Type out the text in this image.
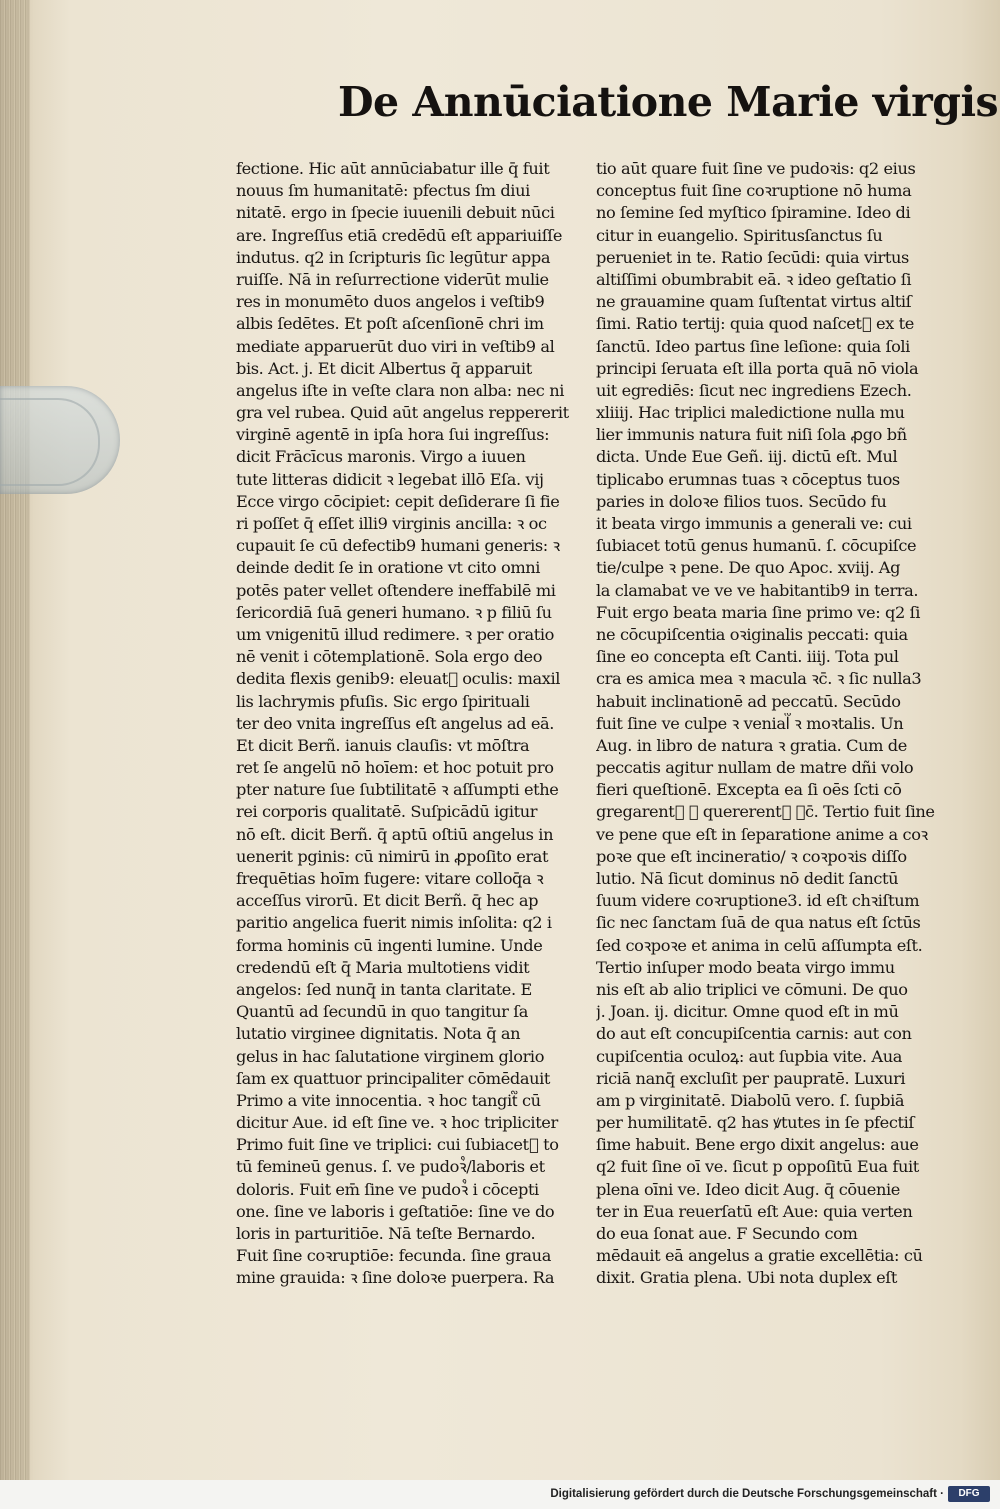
De Annūciatione Marie virgis
fectione. Hic aūt annūciabatur ille q̄ fuit
nouus ſm humanitatē: pfectus ſm diui
nitatē. ergo in ſpecie iuuenili debuit nūci
are. Ingreſſus etiā credēdū eſt appariuiſſe
indutus. q2 in ſcripturis ſic legūtur appa
ruiſſe. Nā in reſurrectione viderūt mulie
res in monumēto duos angelos i veſtib9
albis ſedētes. Et poſt aſcenſionē chri im
mediate apparuerūt duo viri in veſtib9 al
bis. Act. j. Et dicit Albertus q̄ apparuit
angelus iſte in veſte clara non alba: nec ni
gra vel rubea. Quid aūt angelus reppererit
virginē agentē in ipſa hora ſui ingreſſus:
dicit Frācīcus maronis. Virgo a iuuen
tute litteras didicit ꝛ legebat illō Eſa. vij
Ecce virgo cōcipiet: cepit deſiderare ſi fie
ri poſſet q̄ eſſet illi9 virginis ancilla: ꝛ oc
cupauit ſe cū defectib9 humani generis: ꝛ
deinde dedit ſe in oratione vt cito omni
potēs pater vellet oſtendere ineffabilē mi
ſericordiā ſuā generi humano. ꝛ p filiū ſu
um vnigenitū illud redimere. ꝛ per oratio
nē venit i cōtemplationē. Sola ergo deo
dedita flexis genib9: eleuat᷒ oculis: maxil
lis lachrymis pfuſis. Sic ergo ſpirituali
ter deo vnita ingreſſus eſt angelus ad eā.
Et dicit Berñ. ianuis clauſis: vt mōſtra
ret ſe angelū nō hoīem: et hoc potuit pro
pter nature ſue ſubtilitatē ꝛ aſſumpti ethe
rei corporis qualitatē. Suſpicādū igitur
nō eſt. dicit Berñ. q̄ aptū oſtiū angelus in
uenerit pginis: cū nimirū in ꝓpoſito erat
frequētias hoīm fugere: vitare colloq̄a ꝛ
acceſſus virorū. Et dicit Berñ. q̄ hec ap
paritio angelica fuerit nimis inſolita: q2 i
forma hominis cū ingenti lumine. Unde
credendū eſt q̄ Maria multotiens vidit
angelos: ſed nunq̄ in tanta claritate. E
Quantū ad ſecundū in quo tangitur ſa
lutatio virginee dignitatis. Nota q̄ an
gelus in hac ſalutatione virginem glorio
ſam ex quattuor principaliter cōmēdauit
Primo a vite innocentia. ꝛ hoc tangit᷑ cū
dicitur Aue. id eſt ſine ve. ꝛ hoc tripliciter
Primo fuit ſine ve triplici: cui ſubiacet᷑ to
tū femineū genus. ſ. ve pudoꝛ᷒/laboris et
doloris. Fuit em̄ ſine ve pudoꝛ᷒ i cōcepti
one. ſine ve laboris i geſtatiōe: ſine ve do
loris in parturitiōe. Nā teſte Bernardo.
Fuit ſine coꝛruptiōe: fecunda. ſine graua
mine grauida: ꝛ ſine doloꝛe puerpera. Ra
tio aūt quare fuit ſine ve pudoꝛis: q2 eius
conceptus fuit ſine coꝛruptione nō huma
no ſemine ſed myſtico ſpiramine. Ideo di
citur in euangelio. Spiritusſanctus ſu
perueniet in te. Ratio ſecūdi: quia virtus
altiſſimi obumbrabit eā. ꝛ ideo geſtatio ſi
ne grauamine quam ſuſtentat virtus altiſ
ſimi. Ratio tertij: quia quod naſcet᷑ ex te
ſanctū. Ideo partus ſine leſione: quia ſoli
principi ſeruata eſt illa porta quā nō viola
uit egrediēs: ſicut nec ingrediens Ezech.
xliiij. Hac triplici maledictione nulla mu
lier immunis natura fuit niſi ſola ꝓgo bñ
dicta. Unde Eue Geñ. iij. dictū eſt. Mul
tiplicabo erumnas tuas ꝛ cōceptus tuos
paries in doloꝛe filios tuos. Secūdo fu
it beata virgo immunis a generali ve: cui
ſubiacet totū genus humanū. ſ. cōcupiſce
tie/culpe ꝛ pene. De quo Apoc. xviij. Ag
la clamabat ve ve ve habitantib9 in terra.
Fuit ergo beata maria ſine primo ve: q2 ſi
ne cōcupiſcentia oꝛiginalis peccati: quia
ſine eo concepta eſt Canti. iiij. Tota pul
cra es amica mea ꝛ macula ꝛc̄. ꝛ ſic nulla3
habuit inclinationē ad peccatū. Secūdo
fuit ſine ve culpe ꝛ venial᷑ ꝛ moꝛtalis. Un
Aug. in libro de natura ꝛ gratia. Cum de
peccatis agitur nullam de matre dñi volo
fieri queſtionē. Excepta ea ſi oēs ſcti cō
gregarent᷑ ꝛ quererent᷑ ꝛc̄. Tertio fuit ſine
ve pene que eſt in ſeparatione anime a coꝛ
poꝛe que eſt incineratio/ ꝛ coꝛpoꝛis diſſo
lutio. Nā ſicut dominus nō dedit ſanctū
ſuum videre coꝛruptione3. id eſt chꝛiſtum
ſic nec ſanctam ſuā de qua natus eſt ſctūs
ſed coꝛpoꝛe et anima in celū aſſumpta eſt.
Tertio inſuper modo beata virgo immu
nis eſt ab alio triplici ve cōmuni. De quo
j. Joan. ij. dicitur. Omne quod eſt in mū
do aut eſt concupiſcentia carnis: aut con
cupiſcentia oculoꝝ: aut ſupbia vite. Aua
riciā nanq̄ excluſit per paupratē. Luxuri
am p virginitatē. Diabolū vero. ſ. ſupbiā
per humilitatē. q2 has ꝟtutes in ſe pfectiſ
ſime habuit. Bene ergo dixit angelus: aue
q2 fuit ſine oī ve. ſicut p oppoſitū Eua fuit
plena oīni ve. Ideo dicit Aug. q̄ cōuenie
ter in Eua reuerſatū eſt Aue: quia verten
do eua ſonat aue. F Secundo com
mēdauit eā angelus a gratie excellētia: cū
dixit. Gratia plena. Ubi nota duplex eſt
Digitalisierung gefördert durch die Deutsche Forschungsgemeinschaft ·	DFG
